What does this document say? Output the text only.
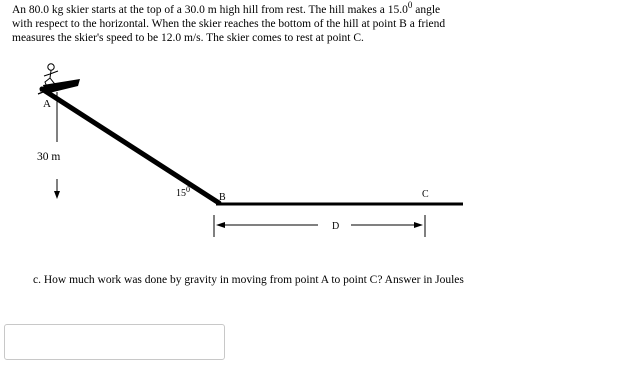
An 80.0 kg skier starts at the top of a 30.0 m high hill from rest. The hill makes a 15.0$^0$ angle
with respect to the horizontal. When the skier reaches the bottom of the hill at point B a friend
measures the skier's speed to be 12.0 m/s. The skier comes to rest at point C.
A
B	C
30 m
$15^0$
D
c. How much work was done by gravity in moving from point A to point C? Answer in Joules
